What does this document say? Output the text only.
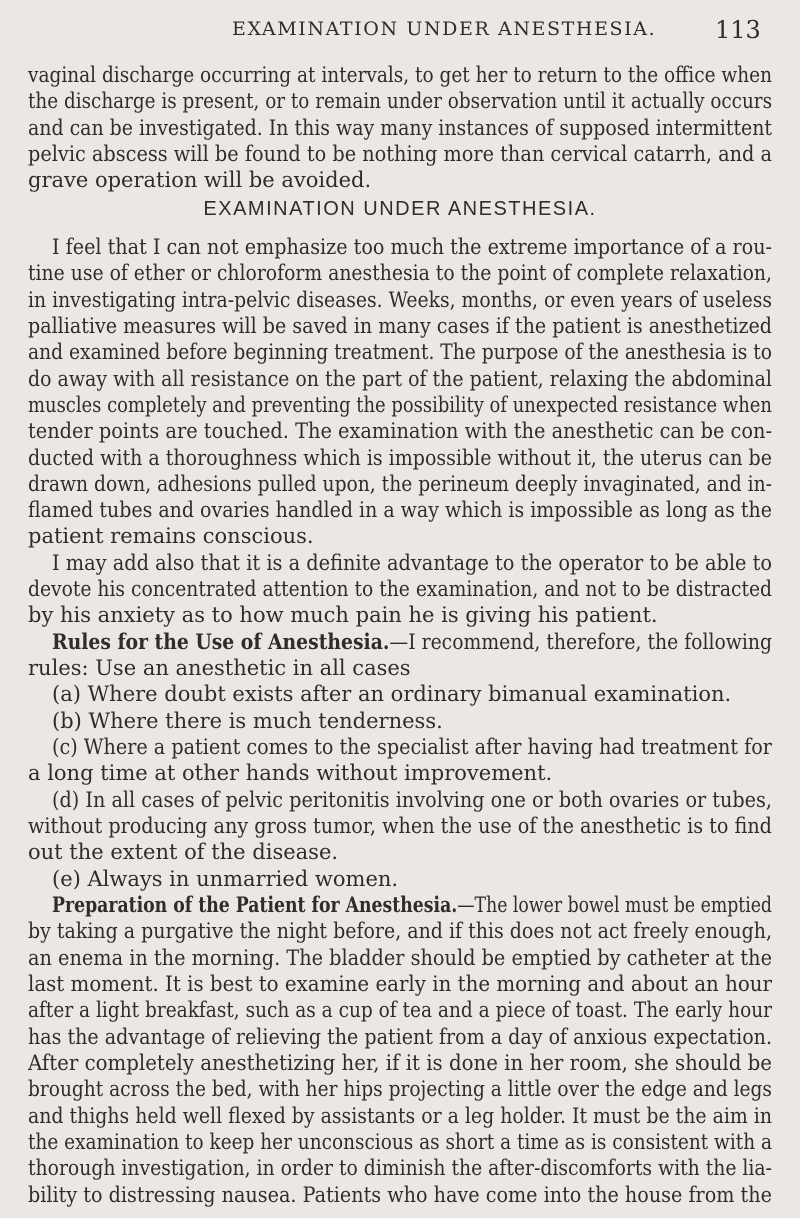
EXAMINATION UNDER ANESTHESIA. 113
vaginal discharge occurring at intervals, to get her to return to the office when
the discharge is present, or to remain under observation until it actually occurs
and can be investigated. In this way many instances of supposed intermittent
pelvic abscess will be found to be nothing more than cervical catarrh, and a
grave operation will be avoided.
EXAMINATION UNDER ANESTHESIA.
I feel that I can not emphasize too much the extreme importance of a rou-
tine use of ether or chloroform anesthesia to the point of complete relaxation,
in investigating intra-pelvic diseases. Weeks, months, or even years of useless
palliative measures will be saved in many cases if the patient is anesthetized
and examined before beginning treatment. The purpose of the anesthesia is to
do away with all resistance on the part of the patient, relaxing the abdominal
muscles completely and preventing the possibility of unexpected resistance when
tender points are touched. The examination with the anesthetic can be con-
ducted with a thoroughness which is impossible without it, the uterus can be
drawn down, adhesions pulled upon, the perineum deeply invaginated, and in-
flamed tubes and ovaries handled in a way which is impossible as long as the
patient remains conscious.
I may add also that it is a definite advantage to the operator to be able to
devote his concentrated attention to the examination, and not to be distracted
by his anxiety as to how much pain he is giving his patient.
Rules for the Use of Anesthesia.—I recommend, therefore, the following
rules: Use an anesthetic in all cases
(a) Where doubt exists after an ordinary bimanual examination.
(b) Where there is much tenderness.
(c) Where a patient comes to the specialist after having had treatment for
a long time at other hands without improvement.
(d) In all cases of pelvic peritonitis involving one or both ovaries or tubes,
without producing any gross tumor, when the use of the anesthetic is to find
out the extent of the disease.
(e) Always in unmarried women.
Preparation of the Patient for Anesthesia.—The lower bowel must be emptied
by taking a purgative the night before, and if this does not act freely enough,
an enema in the morning. The bladder should be emptied by catheter at the
last moment. It is best to examine early in the morning and about an hour
after a light breakfast, such as a cup of tea and a piece of toast. The early hour
has the advantage of relieving the patient from a day of anxious expectation.
After completely anesthetizing her, if it is done in her room, she should be
brought across the bed, with her hips projecting a little over the edge and legs
and thighs held well flexed by assistants or a leg holder. It must be the aim in
the examination to keep her unconscious as short a time as is consistent with a
thorough investigation, in order to diminish the after-discomforts with the lia-
bility to distressing nausea. Patients who have come into the house from the
